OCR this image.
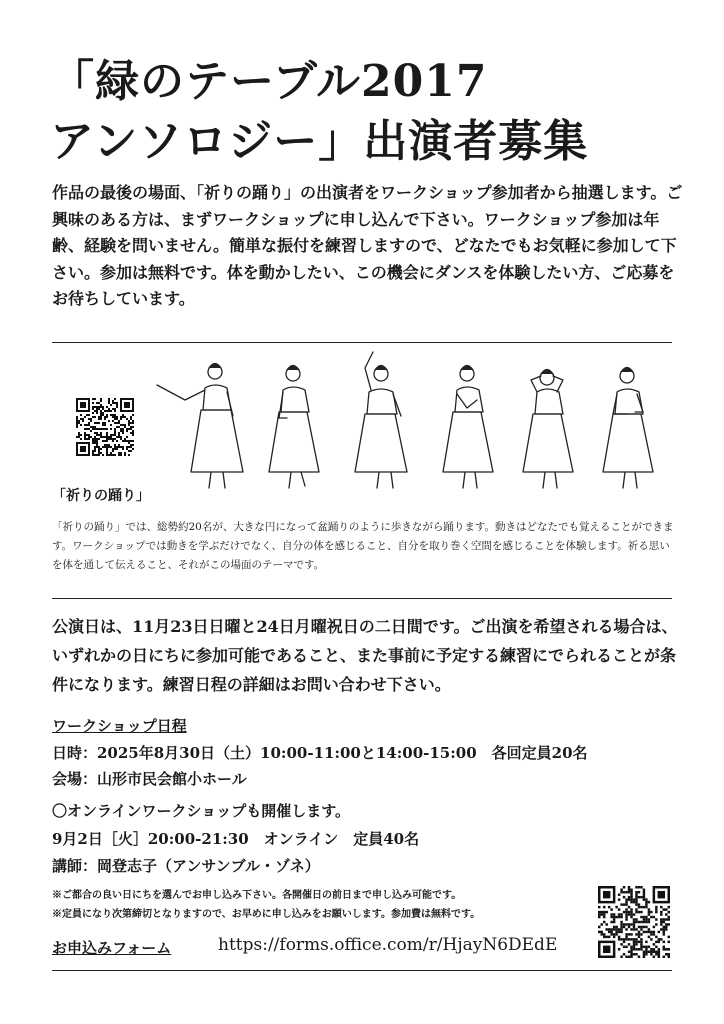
「緑のテーブル2017
アンソロジー」出演者募集
作品の最後の場面、「祈りの踊り」の出演者をワークショップ参加者から抽選します。ご興味のある方は、まずワークショップに申し込んで下さい。ワークショップ参加は年齢、経験を問いません。簡単な振付を練習しますので、どなたでもお気軽に参加して下さい。参加は無料です。体を動かしたい、この機会にダンスを体験したい方、ご応募をお待ちしています。
「祈りの踊り」
「祈りの踊り」では、総勢約20名が、大きな円になって盆踊りのように歩きながら踊ります。動きはどなたでも覚えることができます。ワークショップでは動きを学ぶだけでなく、自分の体を感じること、自分を取り巻く空間を感じることを体験します。祈る思いを体を通して伝えること、それがこの場面のテーマです。
公演日は、11月23日日曜と24日月曜祝日の二日間です。ご出演を希望される場合は、いずれかの日にちに参加可能であること、また事前に予定する練習にでられることが条件になります。練習日程の詳細はお問い合わせ下さい。
ワークショップ日程
日時：2025年8月30日（土）10:00-11:00と14:00-15:00　各回定員20名
会場：山形市民会館小ホール
〇オンラインワークショップも開催します。
9月2日［火］20:00-21:30　オンライン　定員40名
講師：岡登志子（アンサンブル・ゾネ）
※ご都合の良い日にちを選んでお申し込み下さい。各開催日の前日まで申し込み可能です。
※定員になり次第締切となりますので、お早めに申し込みをお願いします。参加費は無料です。
お申込みフォーム	https://forms.office.com/r/HjayN6DEdE
